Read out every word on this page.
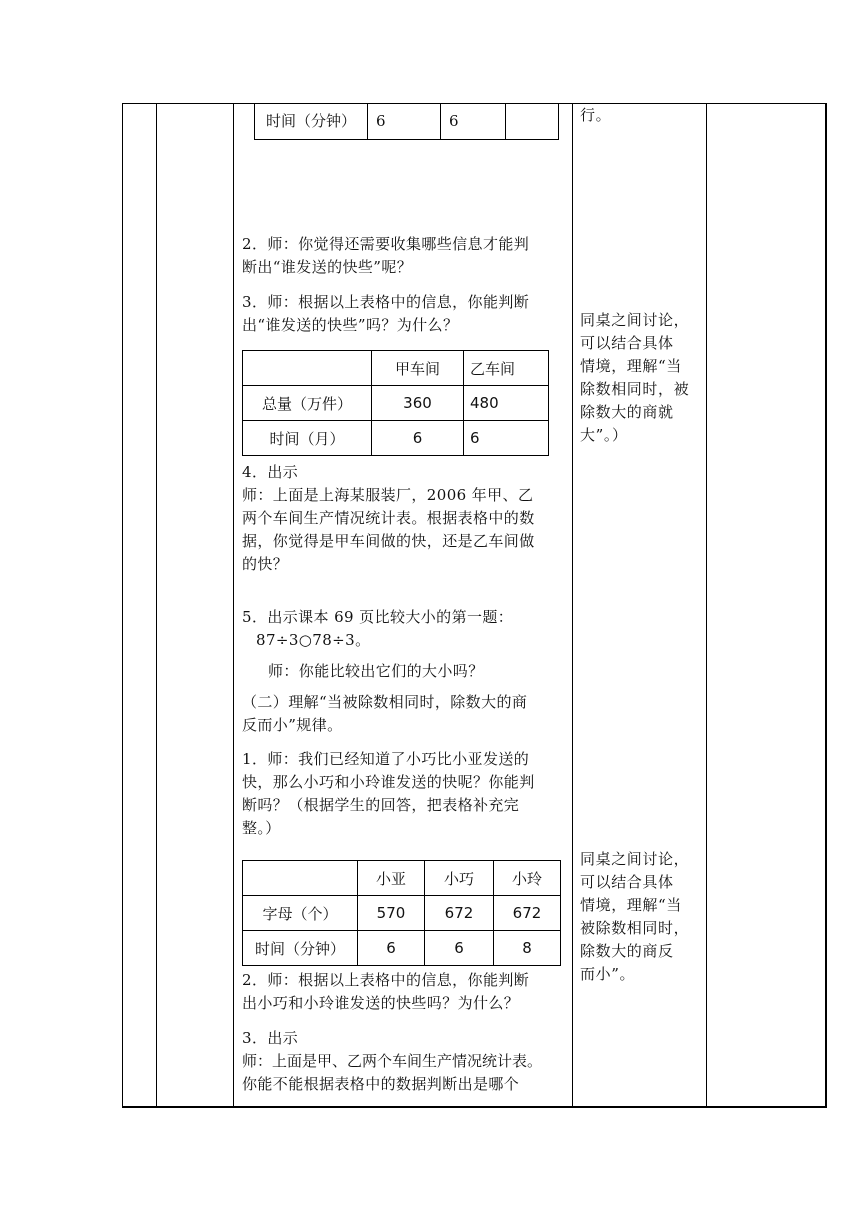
时间（分钟）	6	6	
2．师：你觉得还需要收集哪些信息才能判
断出“谁发送的快些”呢？
3．师：根据以上表格中的信息，你能判断
出“谁发送的快些”吗？为什么？
	甲车间	乙车间
总量（万件）	360	480
时间（月）	6	6
4．出示
师：上面是上海某服装厂，2006 年甲、乙
两个车间生产情况统计表。根据表格中的数
据，你觉得是甲车间做的快，还是乙车间做
的快？
5．出示课本 69 页比较大小的第一题：
87÷3○78÷3。
师：你能比较出它们的大小吗？
（二）理解“当被除数相同时，除数大的商
反而小”规律。
1．师：我们已经知道了小巧比小亚发送的
快，那么小巧和小玲谁发送的快呢？你能判
断吗？（根据学生的回答，把表格补充完
整。）
	小亚	小巧	小玲
字母（个）	570	672	672
时间（分钟）	6	6	8
2．师：根据以上表格中的信息，你能判断
出小巧和小玲谁发送的快些吗？为什么？
3．出示
师：上面是甲、乙两个车间生产情况统计表。
你能不能根据表格中的数据判断出是哪个
行。
同桌之间讨论，
可以结合具体
情境，理解“当
除数相同时，被
除数大的商就
大”。）
同桌之间讨论，
可以结合具体
情境，理解“当
被除数相同时，
除数大的商反
而小”。
